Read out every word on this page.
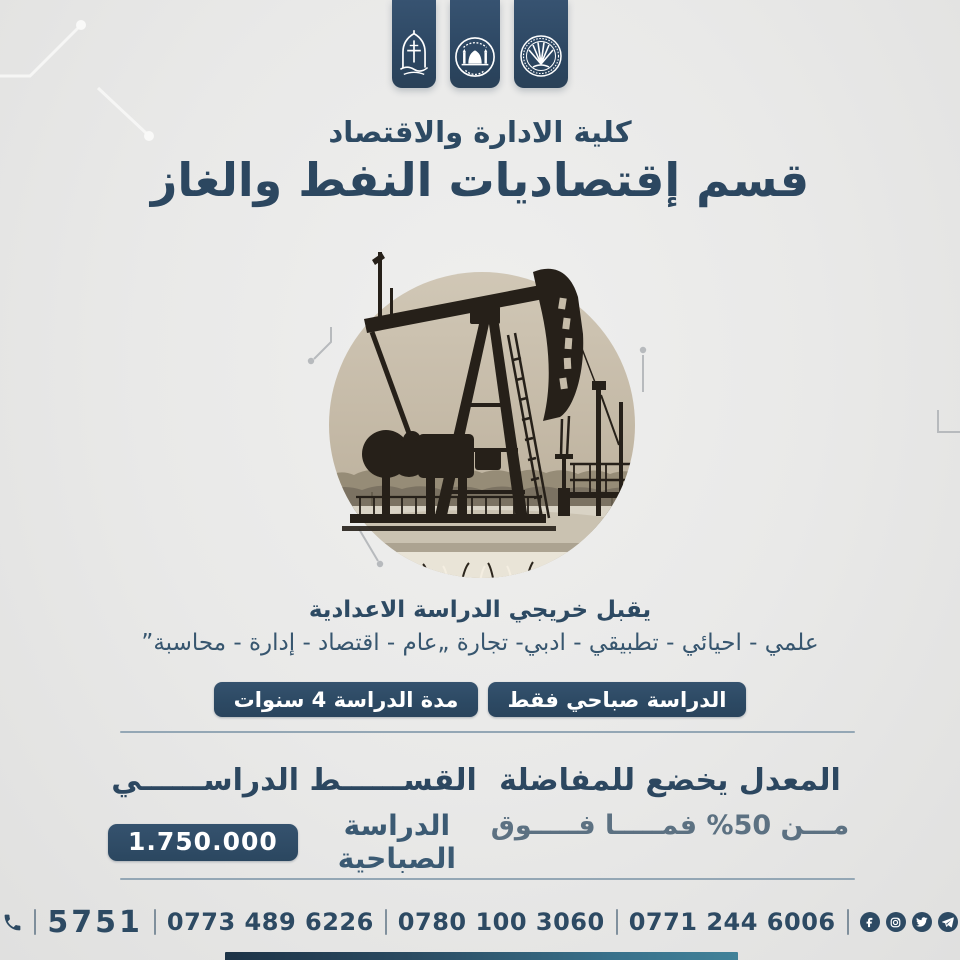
كلية الادارة والاقتصاد
قسم إقتصاديات النفط والغاز
يقبل خريجي الدراسة الاعدادية
علمي - احيائي - تطبيقي - ادبي- تجارة „عام - اقتصاد - إدارة - محاسبة”
الدراسة صباحي فقط
مدة الدراسة 4 سنوات
المعدل يخضع للمفاضلة
مـــن 50% فمـــــا فـــــوق
القســــــط الدراســــــي
الدراسة الصباحية
1.750.000
5751 0773 489 6226 0780 100 3060 0771 244 6006
